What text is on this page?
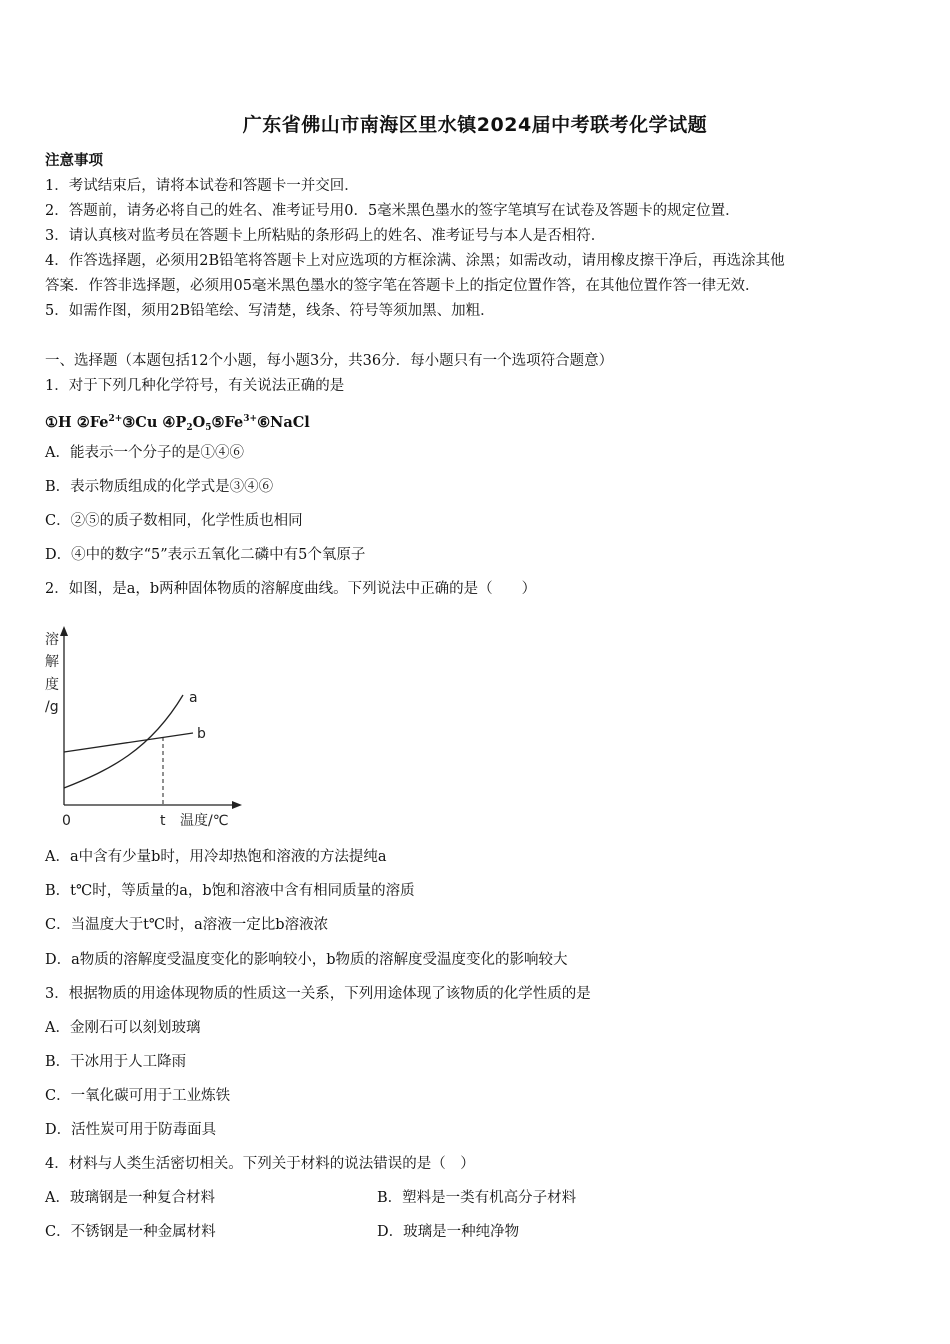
广东省佛山市南海区里水镇2024届中考联考化学试题
注意事项
1．考试结束后，请将本试卷和答题卡一并交回．
2．答题前，请务必将自己的姓名、准考证号用0．5毫米黑色墨水的签字笔填写在试卷及答题卡的规定位置．
3．请认真核对监考员在答题卡上所粘贴的条形码上的姓名、准考证号与本人是否相符．
4．作答选择题，必须用2B铅笔将答题卡上对应选项的方框涂满、涂黑；如需改动，请用橡皮擦干净后，再选涂其他
答案．作答非选择题，必须用05毫米黑色墨水的签字笔在答题卡上的指定位置作答，在其他位置作答一律无效．
5．如需作图，须用2B铅笔绘、写清楚，线条、符号等须加黑、加粗．
一、选择题（本题包括12个小题，每小题3分，共36分．每小题只有一个选项符合题意）
1．对于下列几种化学符号，有关说法正确的是
①H $②Fe^{2+}③Cu$ $④P_2O_5⑤Fe^{3+}⑥NaCl$
A．能表示一个分子的是①④⑥
B．表示物质组成的化学式是③④⑥
C．②⑤的质子数相同，化学性质也相同
D．④中的数字“5”表示五氧化二磷中有5个氧原子
2．如图，是a，b两种固体物质的溶解度曲线。下列说法中正确的是（　　）
溶
解
度
/g
a
b
0	t 温度/℃
A．a中含有少量b时，用冷却热饱和溶液的方法提纯a
B．t℃时，等质量的a，b饱和溶液中含有相同质量的溶质
C．当温度大于t℃时，a溶液一定比b溶液浓
D．a物质的溶解度受温度变化的影响较小，b物质的溶解度受温度变化的影响较大
3．根据物质的用途体现物质的性质这一关系，下列用途体现了该物质的化学性质的是
A．金刚石可以刻划玻璃
B．干冰用于人工降雨
C．一氧化碳可用于工业炼铁
D．活性炭可用于防毒面具
4．材料与人类生活密切相关。下列关于材料的说法错误的是（　）
A．玻璃钢是一种复合材料	B．塑料是一类有机高分子材料
C．不锈钢是一种金属材料	D．玻璃是一种纯净物
